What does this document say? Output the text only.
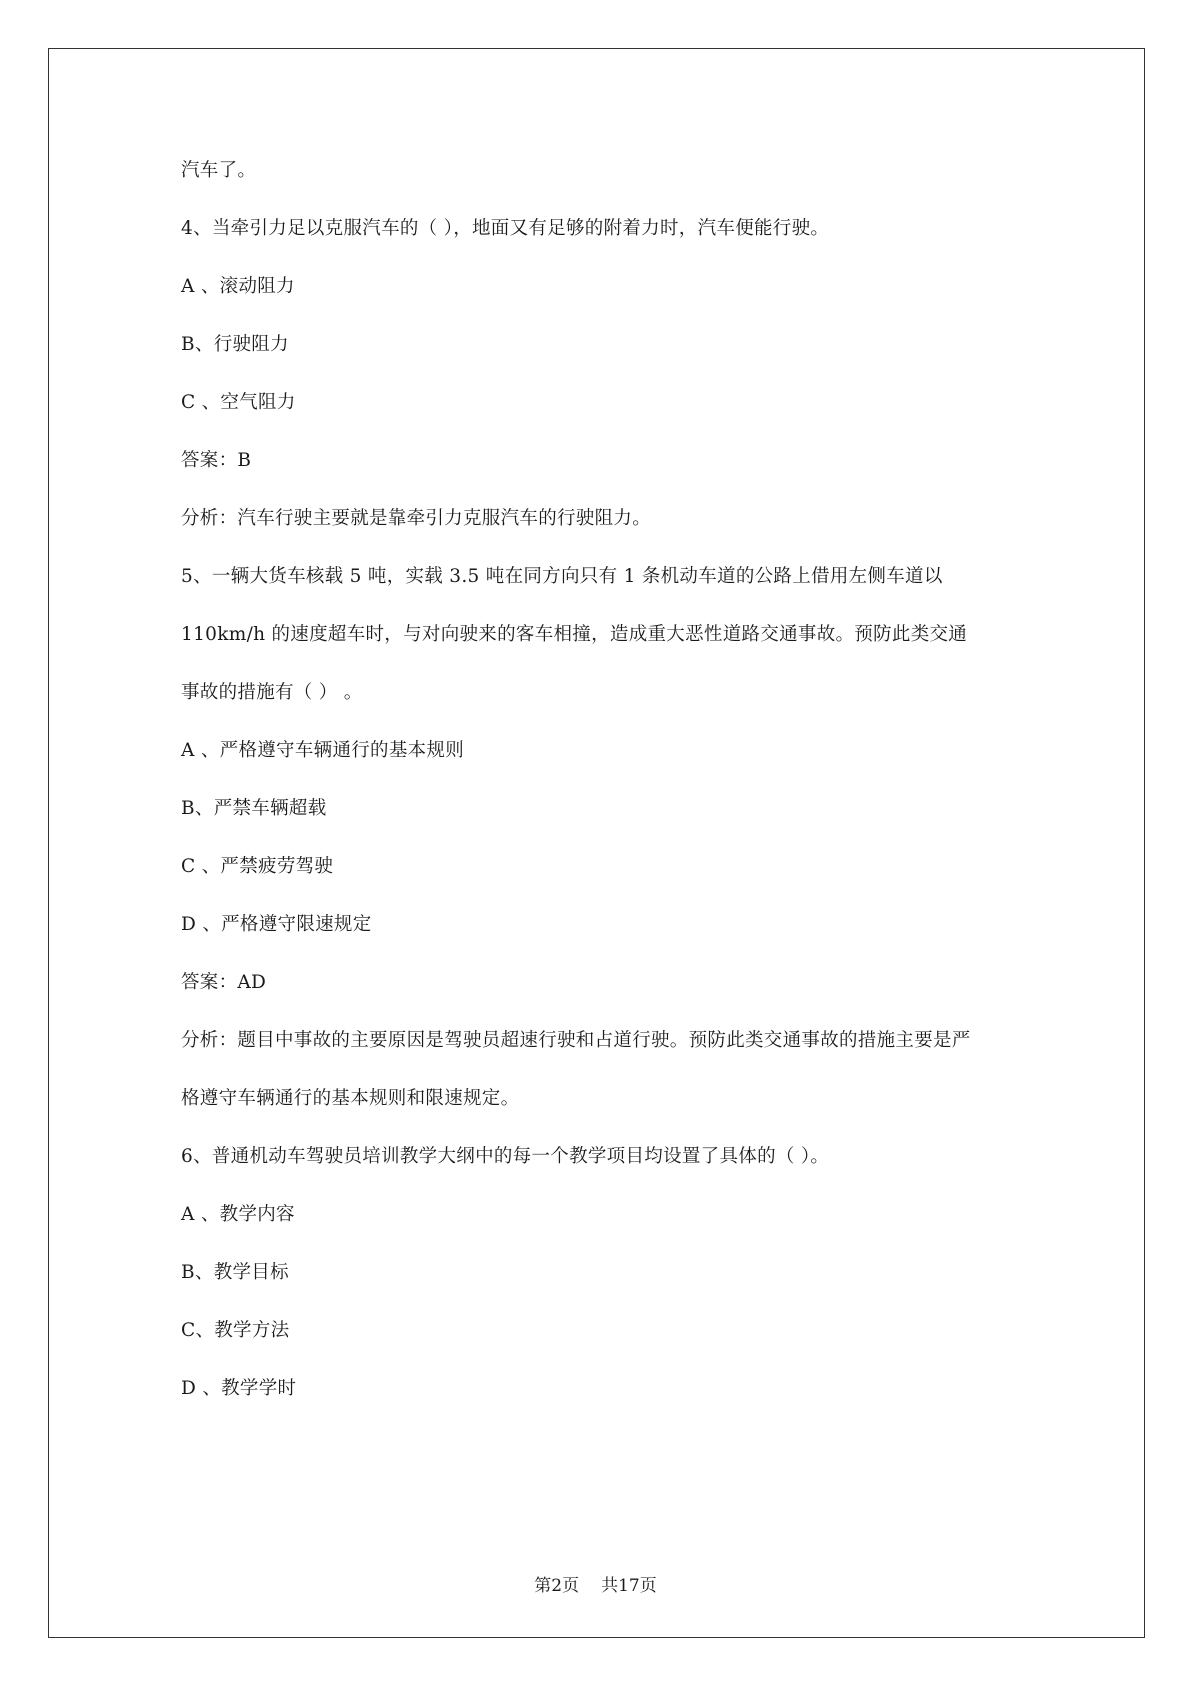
汽车了。
4、当牵引力足以克服汽车的（ ），地面又有足够的附着力时，汽车便能行驶。
A 、滚动阻力
B、行驶阻力
C 、空气阻力
答案：B
分析：汽车行驶主要就是靠牵引力克服汽车的行驶阻力。
5、一辆大货车核载 5 吨，实载 3.5 吨在同方向只有 1 条机动车道的公路上借用左侧车道以
110km/h 的速度超车时，与对向驶来的客车相撞，造成重大恶性道路交通事故。预防此类交通
事故的措施有（ ） 。
A 、严格遵守车辆通行的基本规则
B、严禁车辆超载
C 、严禁疲劳驾驶
D 、严格遵守限速规定
答案：AD
分析：题目中事故的主要原因是驾驶员超速行驶和占道行驶。预防此类交通事故的措施主要是严
格遵守车辆通行的基本规则和限速规定。
6、普通机动车驾驶员培训教学大纲中的每一个教学项目均设置了具体的（ ）。
A 、教学内容
B、教学目标
C、教学方法
D 、教学学时
第2页 共17页
